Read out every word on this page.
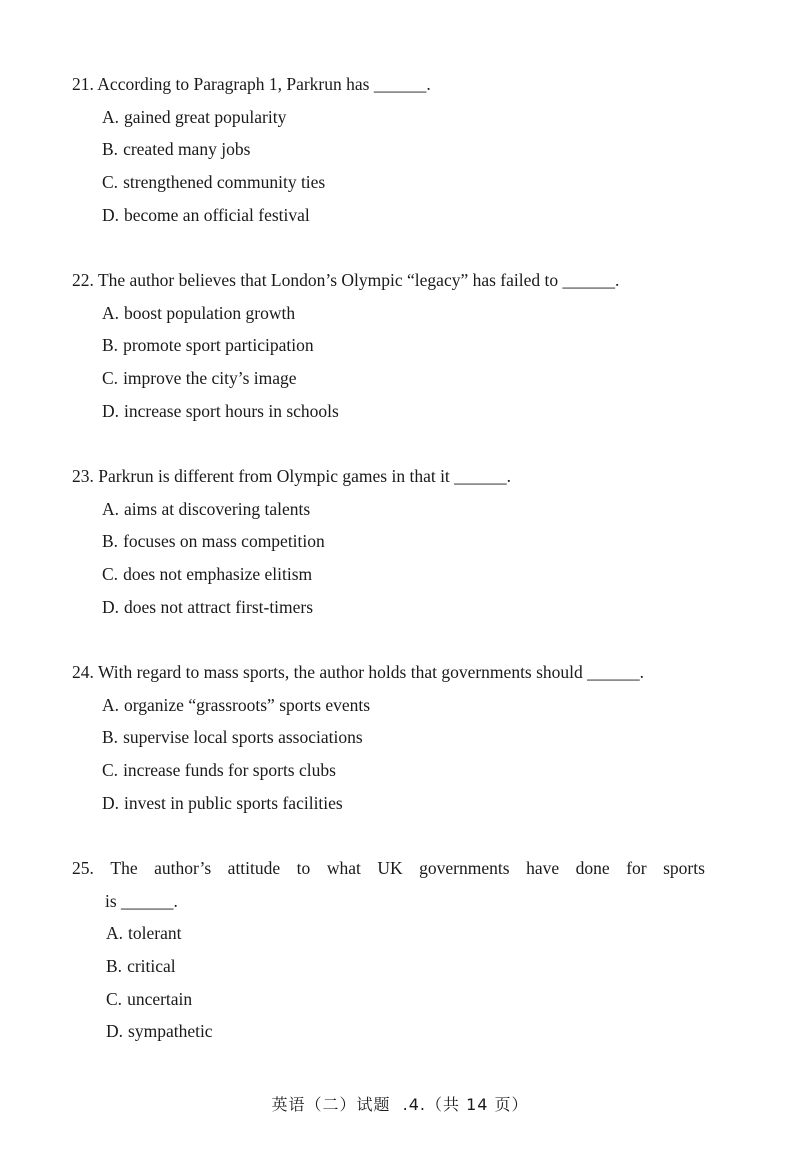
21. According to Paragraph 1, Parkrun has ______.

A. gained great popularity
B. created many jobs
C. strengthened community ties
D. become an official festival

22. The author believes that London’s Olympic “legacy” has failed to ______.

A. boost population growth
B. promote sport participation
C. improve the city’s image
D. increase sport hours in schools

23. Parkrun is different from Olympic games in that it ______.

A. aims at discovering talents
B. focuses on mass competition
C. does not emphasize elitism
D. does not attract first-timers

24. With regard to mass sports, the author holds that governments should ______.

A. organize “grassroots” sports events
B. supervise local sports associations
C. increase funds for sports clubs
D. invest in public sports facilities
25. The author’s attitude to what UK governments have done for sports
is ______.
A. tolerant
B. critical
C. uncertain
D. sympathetic
英语（二）试题  .4.（共 14 页）
